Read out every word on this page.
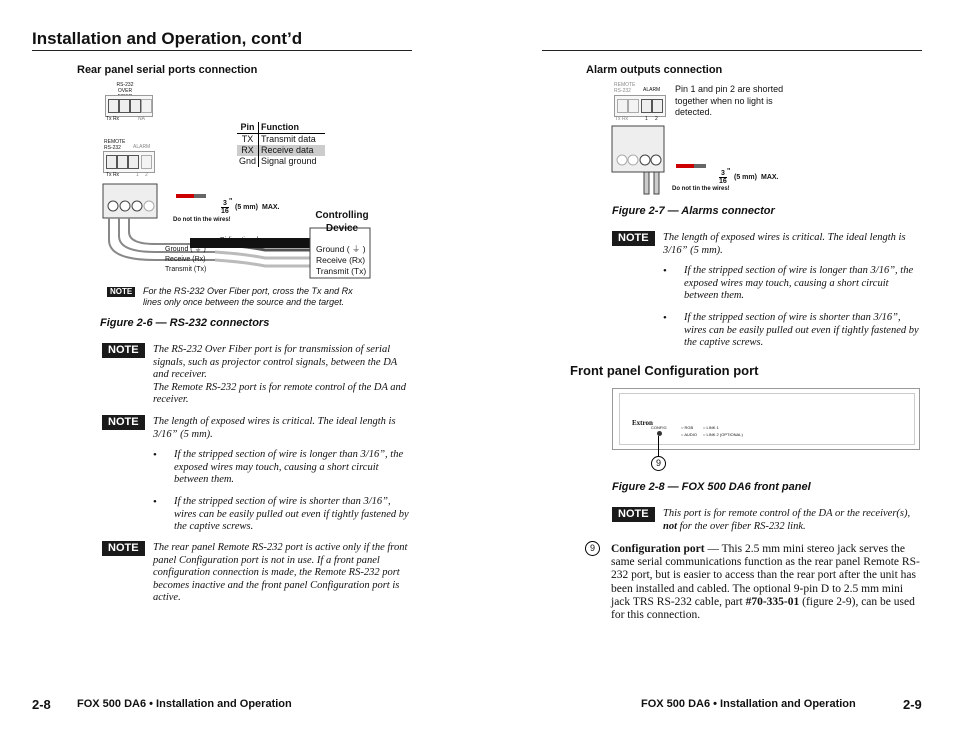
Installation and Operation, cont’d
Rear panel serial ports connection
RS-232
OVER
Tx Rx	NA
Pin	Function
TX	Transmit data
RX	Receive data
Gnd	Signal ground
REMOTE
RS-232	ALARM
Tx Rx	1 2
$\frac{3}{16}$ "
(5 mm) MAX.
Do not tin the wires!	Controlling
Device
Bidirectional
Ground ( ⏚ )
Receive (Rx)
Transmit (Tx)
Ground ( ⏚ )
Receive (Rx)
Transmit (Tx)
NOTE	For the RS-232 Over Fiber port, cross the Tx and Rx
lines only once between the source and the target.
Figure 2-6 — RS-232 connectors
NOTE	The RS-232 Over Fiber port is for transmission of serial signals, such as projector control signals, between the DA and receiver.
The Remote RS-232 port is for remote control of the DA and receiver.
NOTE	The length of exposed wires is critical. The ideal length is 3/16” (5 mm).
• If the stripped section of wire is longer than 3/16”, the exposed wires may touch, causing a short circuit between them.
• If the stripped section of wire is shorter than 3/16”, wires can be easily pulled out even if tightly fastened by the captive screws.
NOTE	The rear panel Remote RS-232 port is active only if the front panel Configuration port is not in use. If a front panel configuration connection is made, the Remote RS-232 port becomes inactive and the front panel Configuration port is active.
2-8 FOX 500 DA6 • Installation and Operation
Alarm outputs connection
REMOTE
RS-232	ALARM
Tx Rx	1 2
Pin 1 and pin 2 are shorted together when no light is detected.
$\frac{3}{16}$ "
(5 mm) MAX.
Do not tin the wires!
Figure 2-7 — Alarms connector
NOTE	The length of exposed wires is critical. The ideal length is 3/16” (5 mm).
• If the stripped section of wire is longer than 3/16”, the exposed wires may touch, causing a short circuit between them.
• If the stripped section of wire is shorter than 3/16”, wires can be easily pulled out even if tightly fastened by the captive screws.
Front panel Configuration port
Extron
CONFIG	○ RGB ○ LINK 1
○ AUDIO ○ LINK 2 (OPTIONAL)
9
Figure 2-8 — FOX 500 DA6 front panel
NOTE	This port is for remote control of the DA or the receiver(s),
not for the over fiber RS-232 link.
9	Configuration port — This 2.5 mm mini stereo jack serves the same serial communications function as the rear panel Remote RS-232 port, but is easier to access than the rear port after the unit has been installed and cabled. The optional 9-pin D to 2.5 mm mini jack TRS RS-232 cable, part #70-335-01 (figure 2-9), can be used for this connection.
FOX 500 DA6 • Installation and Operation	2-9
